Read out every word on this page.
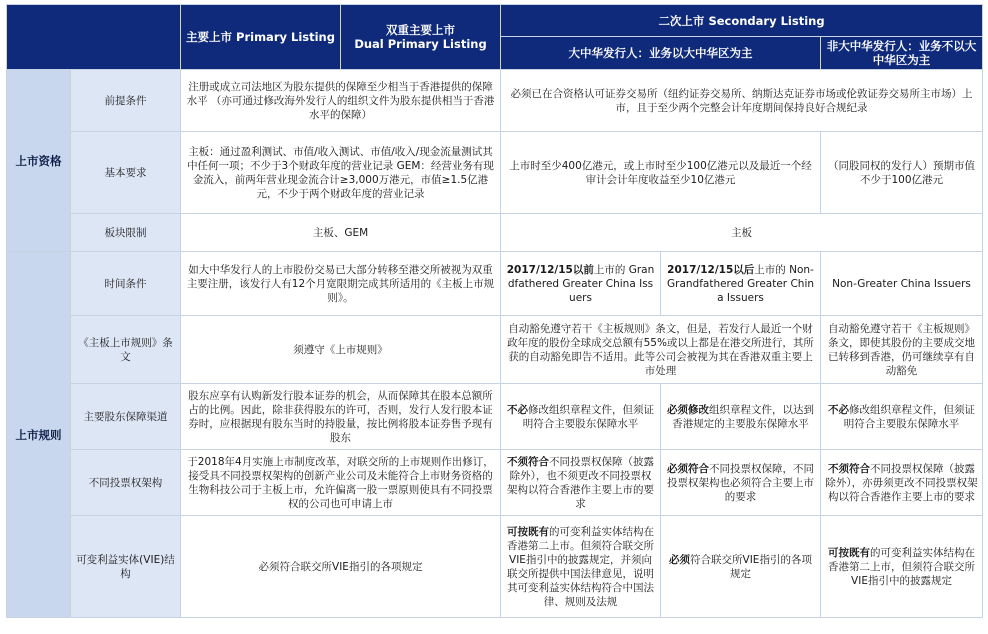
		主要上市 Primary Listing	双重主要上市
Dual Primary Listing	二次上市 Secondary Listing		
				大中华发行人：业务以大中华区为主		非大中华发行人：业务不以大中华区为主
上市资格	前提条件	注册或成立司法地区为股东提供的保障至少相当于香港提供的保障水平 （亦可通过修改海外发行人的组织文件为股东提供相当于香港水平的保障）		必须已在合资格认可证券交易所（纽约证券交易所、纳斯达克证券市场或伦敦证券交易所主市场）上市，且于至少两个完整会计年度期间保持良好合规纪录		
	基本要求	主板：通过盈利测试、市值/收入测试、市值/收入/现金流量测试其中任何一项；不少于3个财政年度的营业记录 GEM：经营业务有现金流入，前两年营业现金流合计≥3,000万港元，市值≥1.5亿港元，不少于两个财政年度的营业记录		上市时至少400亿港元，或上市时至少100亿港元以及最近一个经审计会计年度收益至少10亿港元		（同股同权的发行人）预期市值不少于100亿港元
	板块限制	主板、GEM		主板		
上市规则	时间条件	如大中华发行人的上市股份交易已大部分转移至港交所被视为双重主要注册，该发行人有12个月宽限期完成其所适用的《主板上市规则》。		2017/12/15以前上市的 Grandfathered Greater China Issuers	2017/12/15以后上市的 Non-Grandfathered Greater China Issuers	Non-Greater China Issuers
	《主板上市规则》条文	须遵守《上市规则》		自动豁免遵守若干《主板规则》条文，但是，若发行人最近一个财政年度的股份全球成交总额有55%或以上都是在港交所进行，其所获的自动豁免即告不适用。此等公司会被视为其在香港双重主要上市处理		自动豁免遵守若干《主板规则》条文，即使其股份的主要成交地已转移到香港，仍可继续享有自动豁免
	主要股东保障渠道	股东应享有认购新发行股本证券的机会，从而保障其在股本总额所占的比例。因此，除非获得股东的许可，否则，发行人发行股本证券时，应根据现有股东当时的持股量，按比例将股本证券售予现有股东		不必修改组织章程文件，但须证明符合主要股东保障水平	必须修改组织章程文件，以达到香港规定的主要股东保障水平	不必修改组织章程文件，但须证明符合主要股东保障水平
	不同投票权架构	于2018年4月实施上市制度改革，对联交所的上市规则作出修订，接受具不同投票权架构的创新产业公司及未能符合上市财务资格的生物科技公司于主板上市，允许偏离一股一票原则使具有不同投票权的公司也可申请上市		不须符合不同投票权保障（披露除外），也不须更改不同投票权架构以符合香港作主要上市的要求	必须符合不同投票权保障，不同投票权架构也必须符合主要上市的要求	不须符合不同投票权保障（披露除外），亦毋须更改不同投票权架构以符合香港作主要上市的要求
	可变利益实体(VIE)结构	必须符合联交所VIE指引的各项规定		可按既有的可变利益实体结构在香港第二上市。但须符合联交所VIE指引中的披露规定，并须向联交所提供中国法律意见，说明其可变利益实体结构符合中国法律、规则及法规	必须符合联交所VIE指引的各项规定	可按既有的可变利益实体结构在香港第二上市，但须符合联交所VIE指引中的披露规定
